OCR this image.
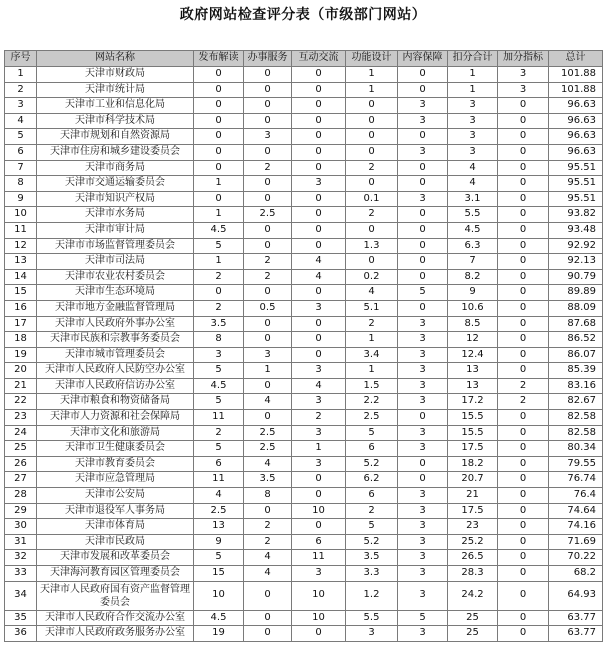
政府网站检查评分表（市级部门网站）
序号	网站名称	发布解读	办事服务	互动交流	功能设计	内容保障	扣分合计	加分指标	总计
1	天津市财政局	0	0	0	1	0	1	3	101.88
2	天津市统计局	0	0	0	1	0	1	3	101.88
3	天津市工业和信息化局	0	0	0	0	3	3	0	96.63
4	天津市科学技术局	0	0	0	0	3	3	0	96.63
5	天津市规划和自然资源局	0	3	0	0	0	3	0	96.63
6	天津市住房和城乡建设委员会	0	0	0	0	3	3	0	96.63
7	天津市商务局	0	2	0	2	0	4	0	95.51
8	天津市交通运输委员会	1	0	3	0	0	4	0	95.51
9	天津市知识产权局	0	0	0	0.1	3	3.1	0	95.51
10	天津市水务局	1	2.5	0	2	0	5.5	0	93.82
11	天津市审计局	4.5	0	0	0	0	4.5	0	93.48
12	天津市市场监督管理委员会	5	0	0	1.3	0	6.3	0	92.92
13	天津市司法局	1	2	4	0	0	7	0	92.13
14	天津市农业农村委员会	2	2	4	0.2	0	8.2	0	90.79
15	天津市生态环境局	0	0	0	4	5	9	0	89.89
16	天津市地方金融监督管理局	2	0.5	3	5.1	0	10.6	0	88.09
17	天津市人民政府外事办公室	3.5	0	0	2	3	8.5	0	87.68
18	天津市民族和宗教事务委员会	8	0	0	1	3	12	0	86.52
19	天津市城市管理委员会	3	3	0	3.4	3	12.4	0	86.07
20	天津市人民政府人民防空办公室	5	1	3	1	3	13	0	85.39
21	天津市人民政府信访办公室	4.5	0	4	1.5	3	13	2	83.16
22	天津市粮食和物资储备局	5	4	3	2.2	3	17.2	2	82.67
23	天津市人力资源和社会保障局	11	0	2	2.5	0	15.5	0	82.58
24	天津市文化和旅游局	2	2.5	3	5	3	15.5	0	82.58
25	天津市卫生健康委员会	5	2.5	1	6	3	17.5	0	80.34
26	天津市教育委员会	6	4	3	5.2	0	18.2	0	79.55
27	天津市应急管理局	11	3.5	0	6.2	0	20.7	0	76.74
28	天津市公安局	4	8	0	6	3	21	0	76.4
29	天津市退役军人事务局	2.5	0	10	2	3	17.5	0	74.64
30	天津市体育局	13	2	0	5	3	23	0	74.16
31	天津市民政局	9	2	6	5.2	3	25.2	0	71.69
32	天津市发展和改革委员会	5	4	11	3.5	3	26.5	0	70.22
33	天津海河教育园区管理委员会	15	4	3	3.3	3	28.3	0	68.2
34	天津市人民政府国有资产监督管理委员会	10	0	10	1.2	3	24.2	0	64.93
35	天津市人民政府合作交流办公室	4.5	0	10	5.5	5	25	0	63.77
36	天津市人民政府政务服务办公室	19	0	0	3	3	25	0	63.77
